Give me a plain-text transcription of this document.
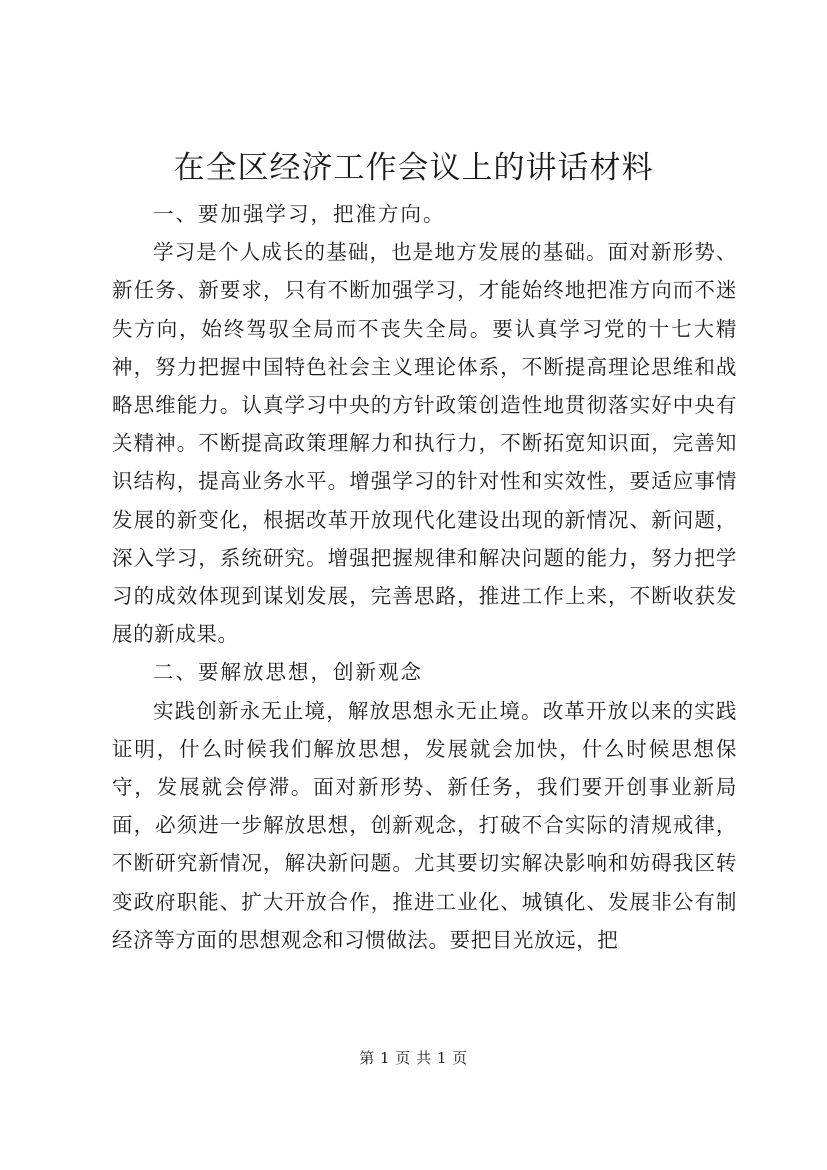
在全区经济工作会议上的讲话材料

一、要加强学习，把准方向。

学习是个人成长的基础，也是地方发展的基础。面对新形势、新任务、新要求，只有不断加强学习，才能始终地把准方向而不迷失方向，始终驾驭全局而不丧失全局。要认真学习党的十七大精神，努力把握中国特色社会主义理论体系，不断提高理论思维和战略思维能力。认真学习中央的方针政策创造性地贯彻落实好中央有关精神。不断提高政策理解力和执行力，不断拓宽知识面，完善知识结构，提高业务水平。增强学习的针对性和实效性，要适应事情发展的新变化，根据改革开放现代化建设出现的新情况、新问题，深入学习，系统研究。增强把握规律和解决问题的能力，努力把学习的成效体现到谋划发展，完善思路，推进工作上来，不断收获发展的新成果。

二、要解放思想，创新观念

实践创新永无止境，解放思想永无止境。改革开放以来的实践证明，什么时候我们解放思想，发展就会加快，什么时候思想保守，发展就会停滞。面对新形势、新任务，我们要开创事业新局面，必须进一步解放思想，创新观念，打破不合实际的清规戒律，不断研究新情况，解决新问题。尤其要切实解决影响和妨碍我区转变政府职能、扩大开放合作，推进工业化、城镇化、发展非公有制经济等方面的思想观念和习惯做法。要把目光放远，把

第 1 页 共 1 页
